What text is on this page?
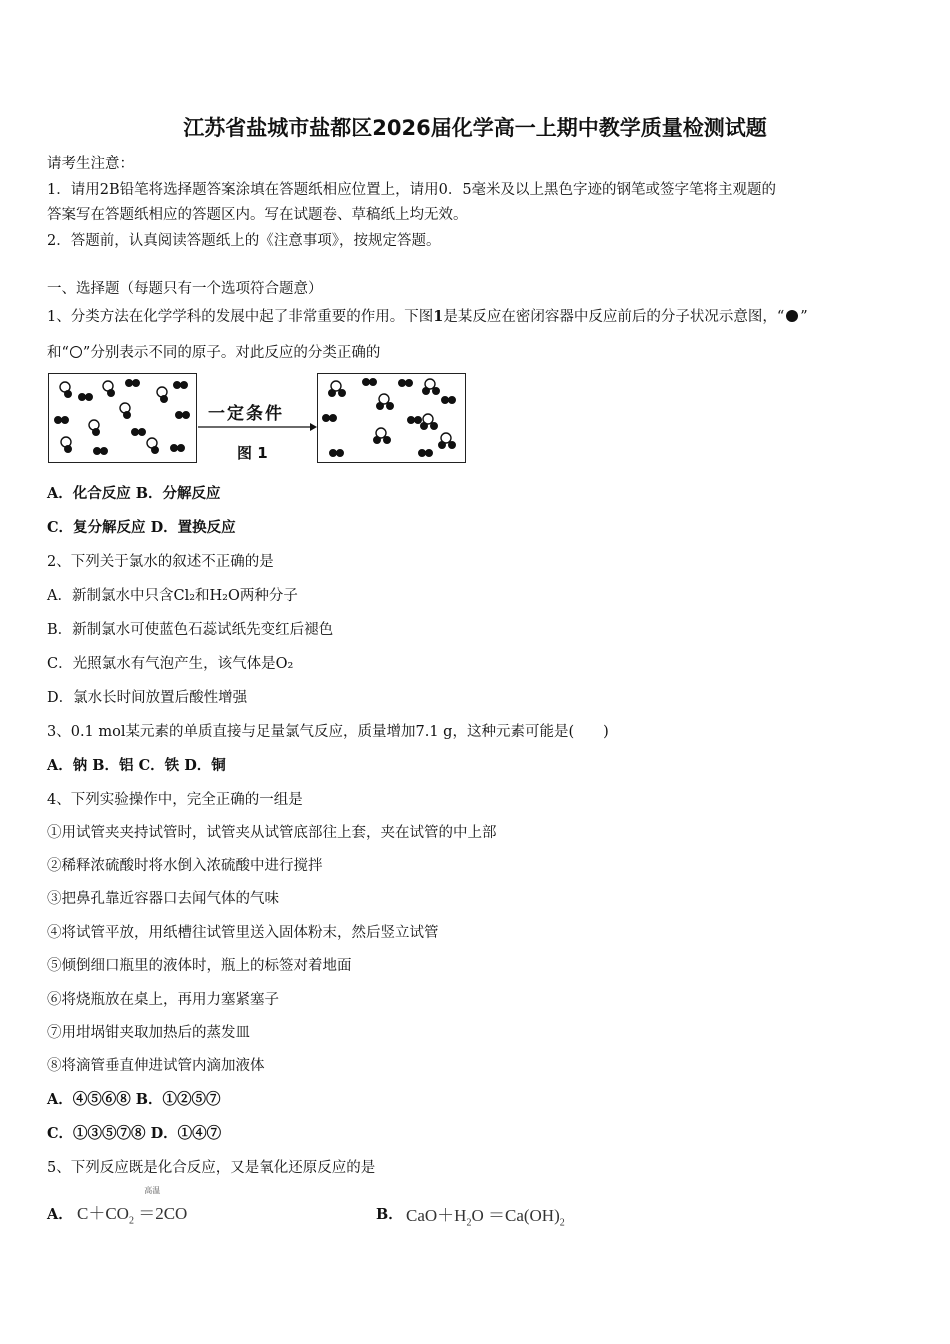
江苏省盐城市盐都区2026届化学高一上期中教学质量检测试题
请考生注意：
1．请用2B铅笔将选择题答案涂填在答题纸相应位置上，请用0．5毫米及以上黑色字迹的钢笔或签字笔将主观题的
答案写在答题纸相应的答题区内。写在试题卷、草稿纸上均无效。
2．答题前，认真阅读答题纸上的《注意事项》，按规定答题。
一、选择题（每题只有一个选项符合题意）
1、分类方法在化学学科的发展中起了非常重要的作用。下图1是某反应在密闭容器中反应前后的分子状况示意图，“ ”
和“ ”分别表示不同的原子。对此反应的分类正确的
一定条件
图 1
A．化合反应 B．分解反应
C．复分解反应 D．置换反应
2、下列关于氯水的叙述不正确的是
A．新制氯水中只含Cl₂和H₂O两种分子
B．新制氯水可使蓝色石蕊试纸先变红后褪色
C．光照氯水有气泡产生，该气体是O₂
D．氯水长时间放置后酸性增强
3、0.1 mol某元素的单质直接与足量氯气反应，质量增加7.1 g，这种元素可能是(　　)
A．钠 B．铝 C．铁 D．铜
4、下列实验操作中，完全正确的一组是
①用试管夹夹持试管时，试管夹从试管底部往上套，夹在试管的中上部
②稀释浓硫酸时将水倒入浓硫酸中进行搅拌
③把鼻孔靠近容器口去闻气体的气味
④将试管平放，用纸槽往试管里送入固体粉末，然后竖立试管
⑤倾倒细口瓶里的液体时，瓶上的标签对着地面
⑥将烧瓶放在桌上，再用力塞紧塞子
⑦用坩埚钳夹取加热后的蒸发皿
⑧将滴管垂直伸进试管内滴加液体
A．④⑤⑥⑧ B．①②⑤⑦
C．①③⑤⑦⑧ D．①④⑦
5、下列反应既是化合反应，又是氧化还原反应的是
A． $C+CO_2$
高温
＝2CO	B． $CaO+H_2O =Ca(OH)_2$
